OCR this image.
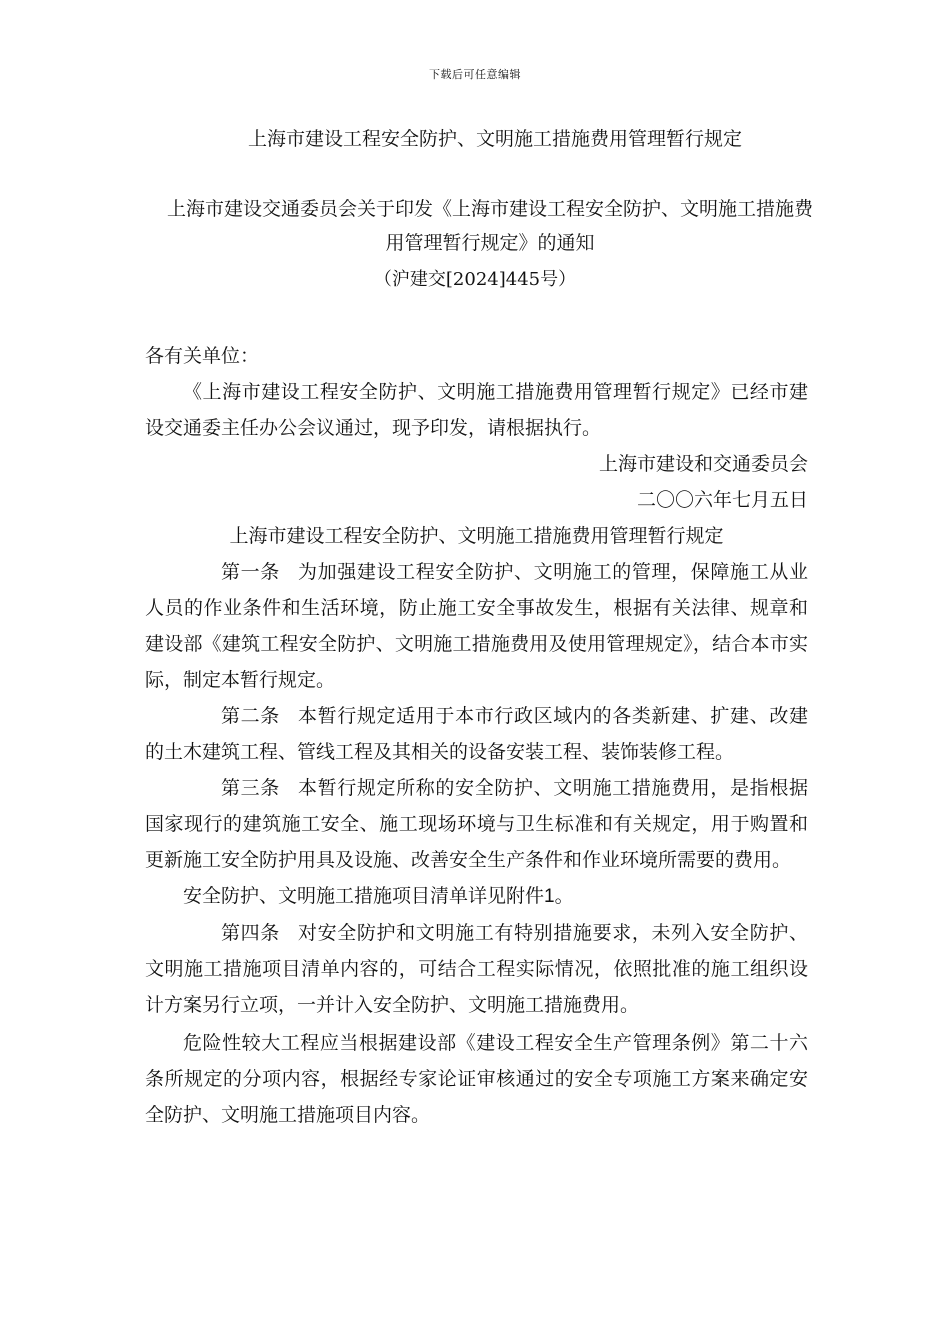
下载后可任意编辑
上海市建设工程安全防护、文明施工措施费用管理暂行规定
上海市建设交通委员会关于印发《上海市建设工程安全防护、文明施工措施费用管理暂行规定》的通知
（沪建交[2024]445号）

各有关单位：

《上海市建设工程安全防护、文明施工措施费用管理暂行规定》已经市建设交通委主任办公会议通过，现予印发，请根据执行。

上海市建设和交通委员会

二〇〇六年七月五日

上海市建设工程安全防护、文明施工措施费用管理暂行规定

第一条 为加强建设工程安全防护、文明施工的管理，保障施工从业人员的作业条件和生活环境，防止施工安全事故发生，根据有关法律、规章和建设部《建筑工程安全防护、文明施工措施费用及使用管理规定》，结合本市实际，制定本暂行规定。

第二条 本暂行规定适用于本市行政区域内的各类新建、扩建、改建的土木建筑工程、管线工程及其相关的设备安装工程、装饰装修工程。

第三条 本暂行规定所称的安全防护、文明施工措施费用，是指根据国家现行的建筑施工安全、施工现场环境与卫生标准和有关规定，用于购置和更新施工安全防护用具及设施、改善安全生产条件和作业环境所需要的费用。

安全防护、文明施工措施项目清单详见附件1。

第四条 对安全防护和文明施工有特别措施要求，未列入安全防护、文明施工措施项目清单内容的，可结合工程实际情况，依照批准的施工组织设计方案另行立项，一并计入安全防护、文明施工措施费用。

危险性较大工程应当根据建设部《建设工程安全生产管理条例》第二十六条所规定的分项内容，根据经专家论证审核通过的安全专项施工方案来确定安全防护、文明施工措施项目内容。
